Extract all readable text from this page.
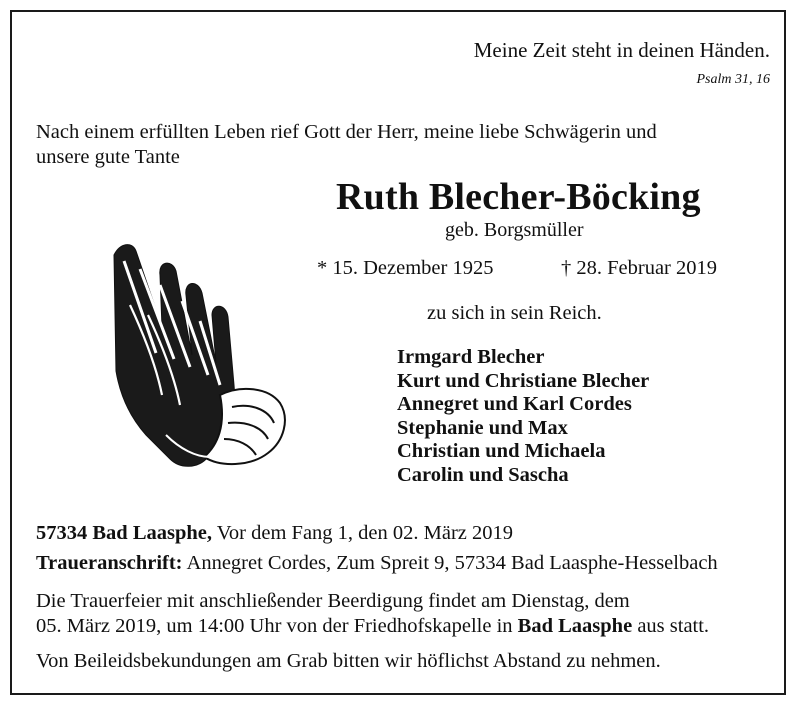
Meine Zeit steht in deinen Händen.
Psalm 31, 16
Nach einem erfüllten Leben rief Gott der Herr, meine liebe Schwägerin und
unsere gute Tante
Ruth Blecher-Böcking
geb. Borgsmüller
* 15. Dezember 1925	† 28. Februar 2019
zu sich in sein Reich.
Irmgard Blecher
Kurt und Christiane Blecher
Annegret und Karl Cordes
Stephanie und Max
Christian und Michaela
Carolin und Sascha
57334 Bad Laasphe, Vor dem Fang 1, den 02. März 2019
Traueranschrift: Annegret Cordes, Zum Spreit 9, 57334 Bad Laasphe-Hesselbach
Die Trauerfeier mit anschließender Beerdigung findet am Dienstag, dem
05. März 2019, um 14:00 Uhr von der Friedhofskapelle in Bad Laasphe aus statt.
Von Beileidsbekundungen am Grab bitten wir höflichst Abstand zu nehmen.
